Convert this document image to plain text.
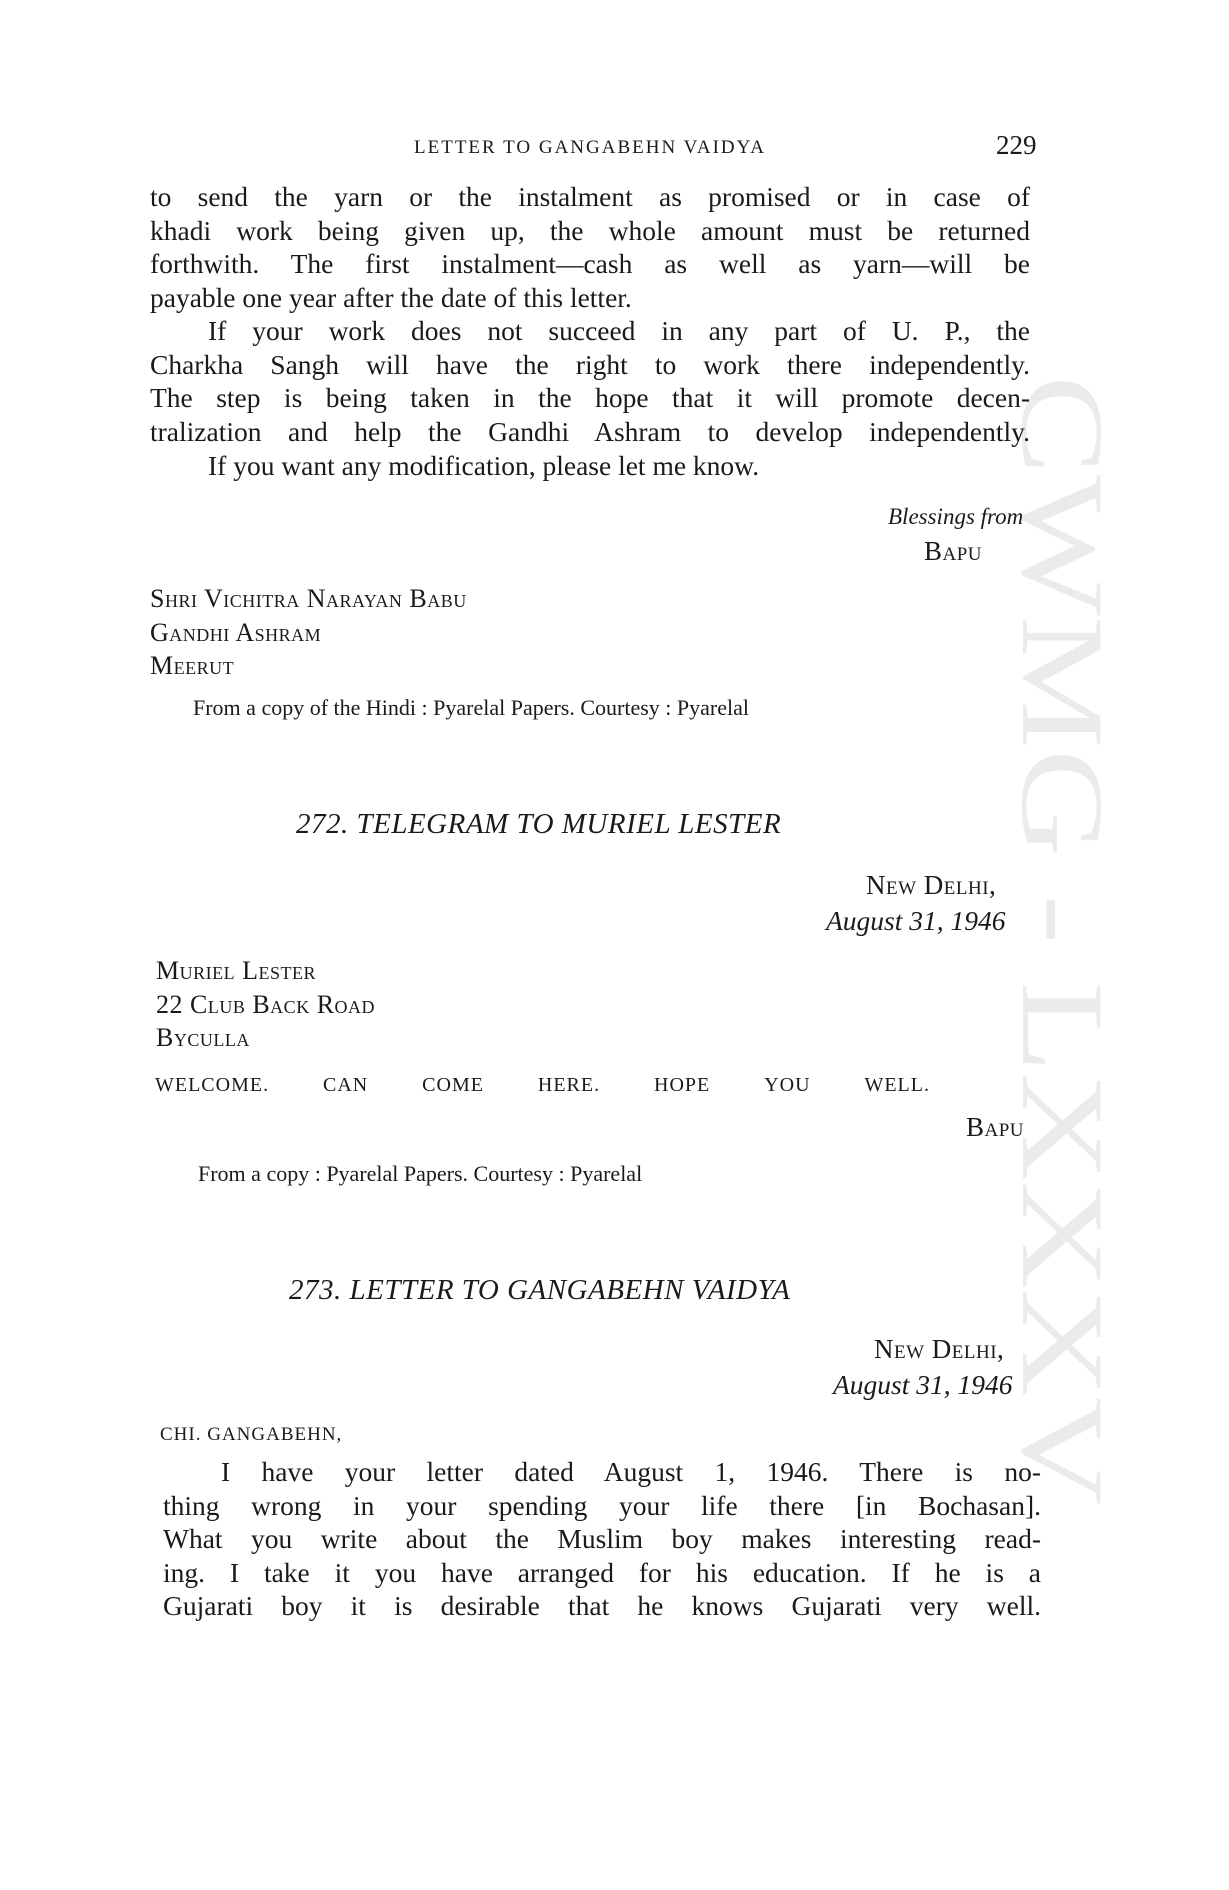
CWMG LXXXV
LETTER TO GANGABEHN VAIDYA	229
to send the yarn or the instalment as promised or in case of
khadi work being given up, the whole amount must be returned
forthwith. The first instalment—cash as well as yarn—will be
payable one year after the date of this letter.
If your work does not succeed in any part of U. P., the
Charkha Sangh will have the right to work there independently.
The step is being taken in the hope that it will promote decen-
tralization and help the Gandhi Ashram to develop independently.
If you want any modification, please let me know.
Blessings from
Bapu
Shri Vichitra Narayan Babu
Gandhi Ashram
Meerut
From a copy of the Hindi : Pyarelal Papers. Courtesy : Pyarelal
272. TELEGRAM TO MURIEL LESTER
New Delhi,
August 31, 1946
Muriel Lester
22 Club Back Road
Byculla
WELCOME.	CAN	COME	HERE.	HOPE	YOU	WELL.
Bapu
From a copy : Pyarelal Papers. Courtesy : Pyarelal
273. LETTER TO GANGABEHN VAIDYA
New Delhi,
August 31, 1946
CHI. GANGABEHN,
I have your letter dated August 1, 1946. There is no-
thing wrong in your spending your life there [in Bochasan].
What you write about the Muslim boy makes interesting read-
ing. I take it you have arranged for his education. If he is a
Gujarati boy it is desirable that he knows Gujarati very well.
